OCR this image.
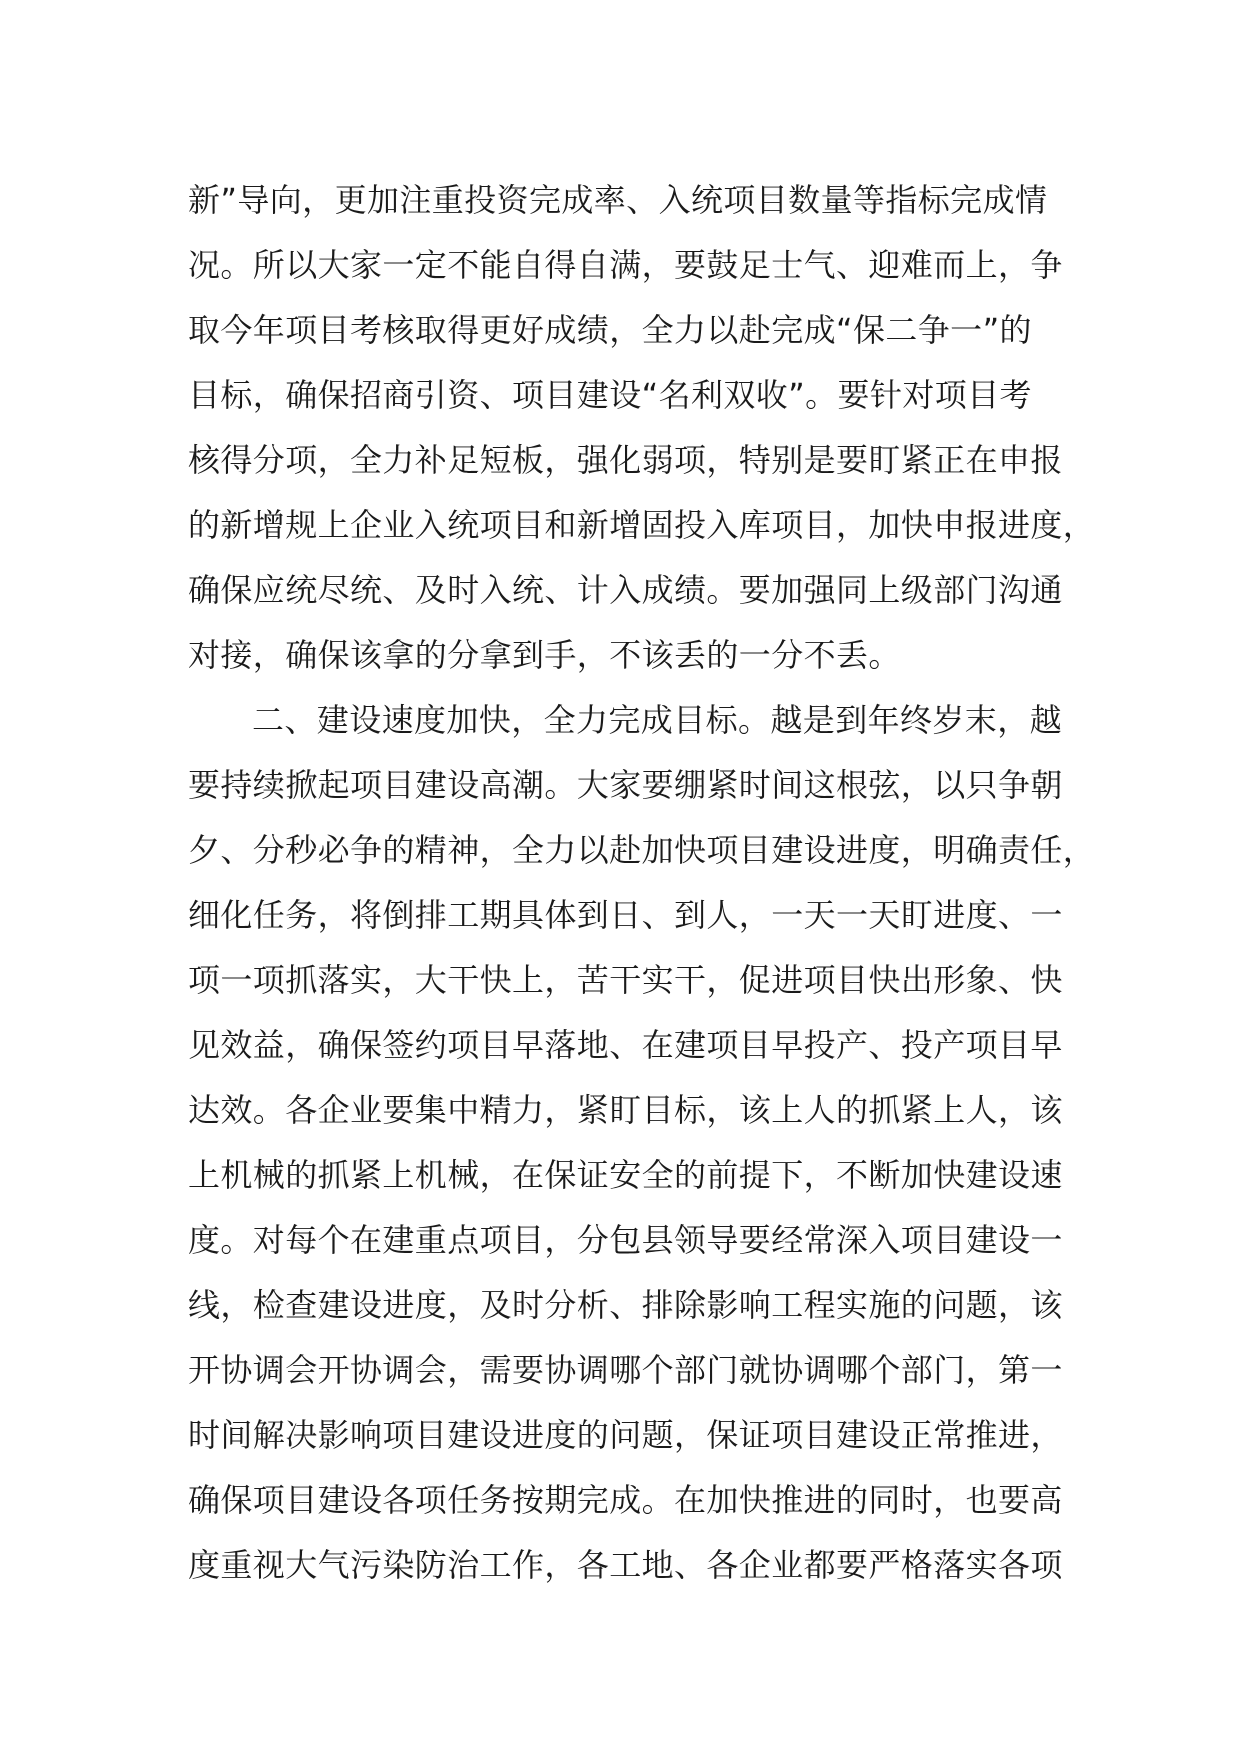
新”导向，更加注重投资完成率、入统项目数量等指标完成情
况。所以大家一定不能自得自满，要鼓足士气、迎难而上，争
取今年项目考核取得更好成绩，全力以赴完成“保二争一”的
目标，确保招商引资、项目建设“名利双收”。要针对项目考
核得分项，全力补足短板，强化弱项，特别是要盯紧正在申报
的新增规上企业入统项目和新增固投入库项目，加快申报进度，
确保应统尽统、及时入统、计入成绩。要加强同上级部门沟通
对接，确保该拿的分拿到手，不该丢的一分不丢。
二、建设速度加快，全力完成目标。越是到年终岁末，越
要持续掀起项目建设高潮。大家要绷紧时间这根弦，以只争朝
夕、分秒必争的精神，全力以赴加快项目建设进度，明确责任，
细化任务，将倒排工期具体到日、到人，一天一天盯进度、一
项一项抓落实，大干快上，苦干实干，促进项目快出形象、快
见效益，确保签约项目早落地、在建项目早投产、投产项目早
达效。各企业要集中精力，紧盯目标，该上人的抓紧上人，该
上机械的抓紧上机械，在保证安全的前提下，不断加快建设速
度。对每个在建重点项目，分包县领导要经常深入项目建设一
线，检查建设进度，及时分析、排除影响工程实施的问题，该
开协调会开协调会，需要协调哪个部门就协调哪个部门，第一
时间解决影响项目建设进度的问题，保证项目建设正常推进，
确保项目建设各项任务按期完成。在加快推进的同时，也要高
度重视大气污染防治工作，各工地、各企业都要严格落实各项
